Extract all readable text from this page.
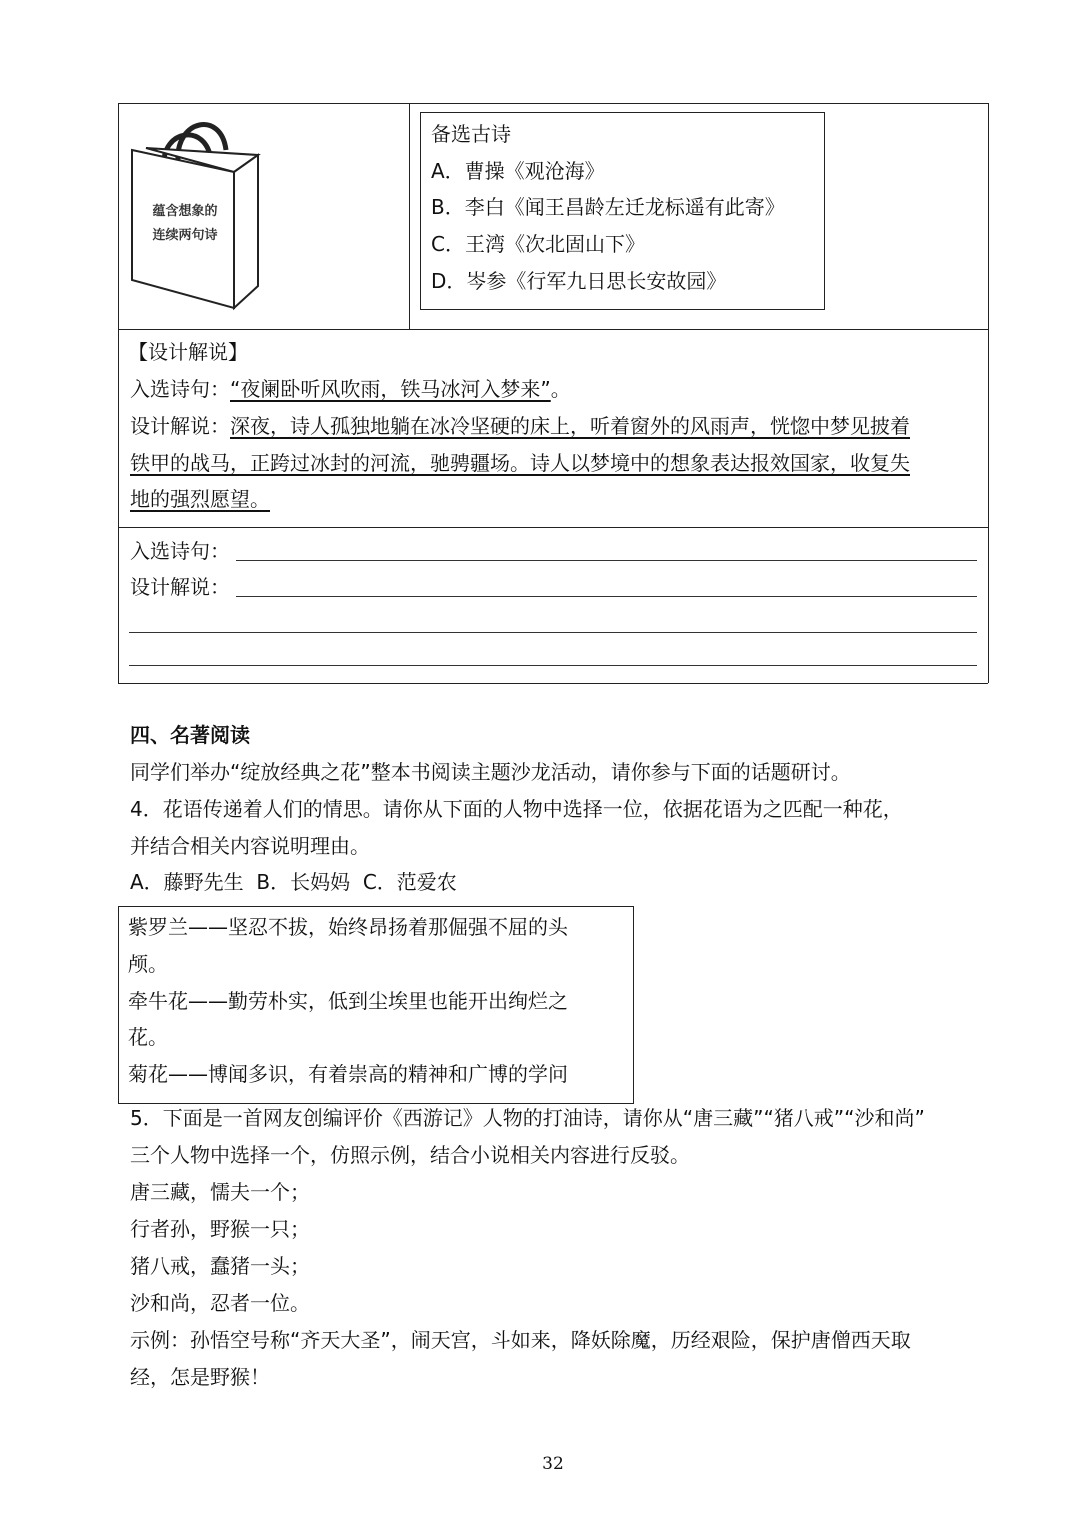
蕴含想象的
连续两句诗
备选古诗
A．曹操《观沧海》
B．李白《闻王昌龄左迁龙标遥有此寄》
C．王湾《次北固山下》
D．岑参《行军九日思长安故园》
【设计解说】
入选诗句：“夜阑卧听风吹雨，铁马冰河入梦来”。
设计解说：深夜，诗人孤独地躺在冰冷坚硬的床上，听着窗外的风雨声，恍惚中梦见披着
铁甲的战马，正跨过冰封的河流，驰骋疆场。诗人以梦境中的想象表达报效国家，收复失
地的强烈愿望。
入选诗句：
设计解说：
四、名著阅读
同学们举办“绽放经典之花”整本书阅读主题沙龙活动，请你参与下面的话题研讨。
4．花语传递着人们的情思。请你从下面的人物中选择一位，依据花语为之匹配一种花，
并结合相关内容说明理由。
A．藤野先生  B．长妈妈  C．范爱农
紫罗兰——坚忍不拔，始终昂扬着那倔强不屈的头
颅。
牵牛花——勤劳朴实，低到尘埃里也能开出绚烂之
花。
菊花——博闻多识，有着崇高的精神和广博的学问
5．下面是一首网友创编评价《西游记》人物的打油诗，请你从“唐三藏”“猪八戒”“沙和尚”
三个人物中选择一个，仿照示例，结合小说相关内容进行反驳。
唐三藏，懦夫一个；
行者孙，野猴一只；
猪八戒，蠢猪一头；
沙和尚，忍者一位。
示例：孙悟空号称“齐天大圣”，闹天宫，斗如来，降妖除魔，历经艰险，保护唐僧西天取
经，怎是野猴！
32
